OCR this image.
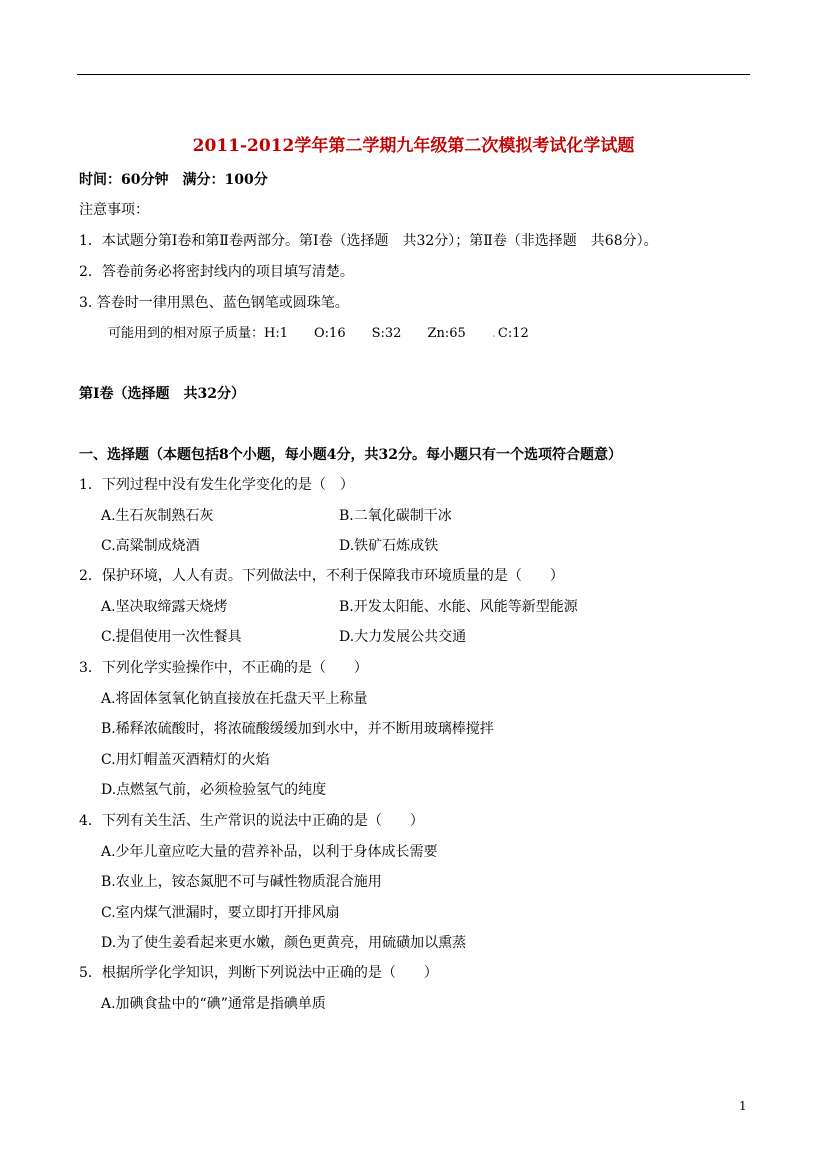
2011-2012学年第二学期九年级第二次模拟考试化学试题
时间：60分钟　满分：100分
注意事项：
1．本试题分第Ⅰ卷和第Ⅱ卷两部分。第Ⅰ卷（选择题　共32分）；第Ⅱ卷（非选择题　共68分）。
2．答卷前务必将密封线内的项目填写清楚。
3. 答卷时一律用黑色、蓝色钢笔或圆珠笔。
可能用到的相对原子质量：H:1 O:16 S:32 Zn:65 . C:12
第Ⅰ卷（选择题　共32分）
一、选择题（本题包括8个小题，每小题4分，共32分。每小题只有一个选项符合题意）
1．下列过程中没有发生化学变化的是（　）
A.生石灰制熟石灰	B.二氧化碳制干冰
C.高粱制成烧酒	D.铁矿石炼成铁
2．保护环境，人人有责。下列做法中，不利于保障我市环境质量的是（　　）
A.坚决取缔露天烧烤	B.开发太阳能、水能、风能等新型能源
C.提倡使用一次性餐具	D.大力发展公共交通
3．下列化学实验操作中，不正确的是（　　）
A.将固体氢氧化钠直接放在托盘天平上称量
B.稀释浓硫酸时，将浓硫酸缓缓加到水中，并不断用玻璃棒搅拌
C.用灯帽盖灭酒精灯的火焰
D.点燃氢气前，必须检验氢气的纯度
4．下列有关生活、生产常识的说法中正确的是（　　）
A.少年儿童应吃大量的营养补品，以利于身体成长需要
B.农业上，铵态氮肥不可与碱性物质混合施用
C.室内煤气泄漏时，要立即打开排风扇
D.为了使生姜看起来更水嫩，颜色更黄亮，用硫磺加以熏蒸
5．根据所学化学知识，判断下列说法中正确的是（　　）
A.加碘食盐中的“碘”通常是指碘单质
1
